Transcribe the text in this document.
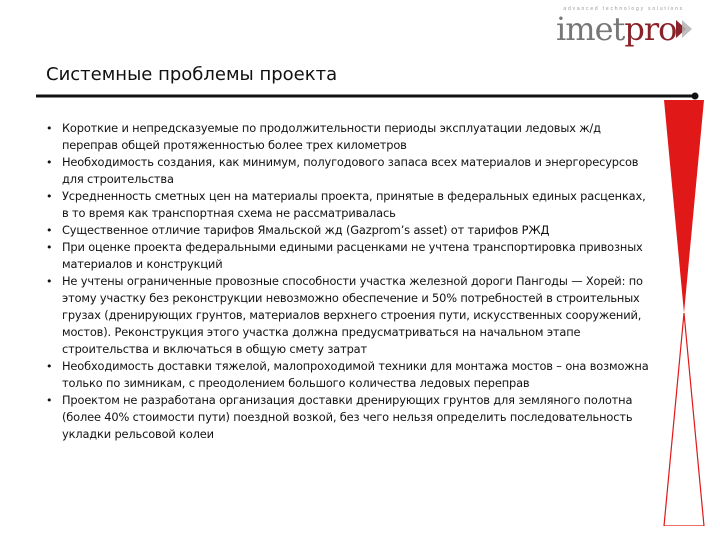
advanced technology solutions
imetpro
Системные проблемы проекта
• Короткие и непредсказуемые по продолжительности периоды эксплуатации ледовых ж/д переправ общей протяженностью более трех километров
• Необходимость создания, как минимум, полугодового запаса всех материалов и энергоресурсов для строительства
• Усредненность сметных цен на материалы проекта, принятые в федеральных единых расценках, в то время как транспортная схема не рассматривалась
• Существенное отличие тарифов Ямальской жд (Gazprom’s asset) от тарифов РЖД
• При оценке проекта федеральными едиными расценками не учтена транспортировка привозных материалов и конструкций
• Не учтены ограниченные провозные способности участка железной дороги Пангоды — Хорей: по этому участку без реконструкции невозможно обеспечение и 50% потребностей в строительных грузах (дренирующих грунтов, материалов верхнего строения пути, искусственных сооружений, мостов). Реконструкция этого участка должна предусматриваться на начальном этапе строительства и включаться в общую смету затрат
• Необходимость доставки тяжелой, малопроходимой техники для монтажа мостов – она возможна только по зимникам, с преодолением большого количества ледовых переправ
• Проектом не разработана организация доставки дренирующих грунтов для земляного полотна (более 40% стоимости пути) поездной возкой, без чего нельзя определить последовательность укладки рельсовой колеи
